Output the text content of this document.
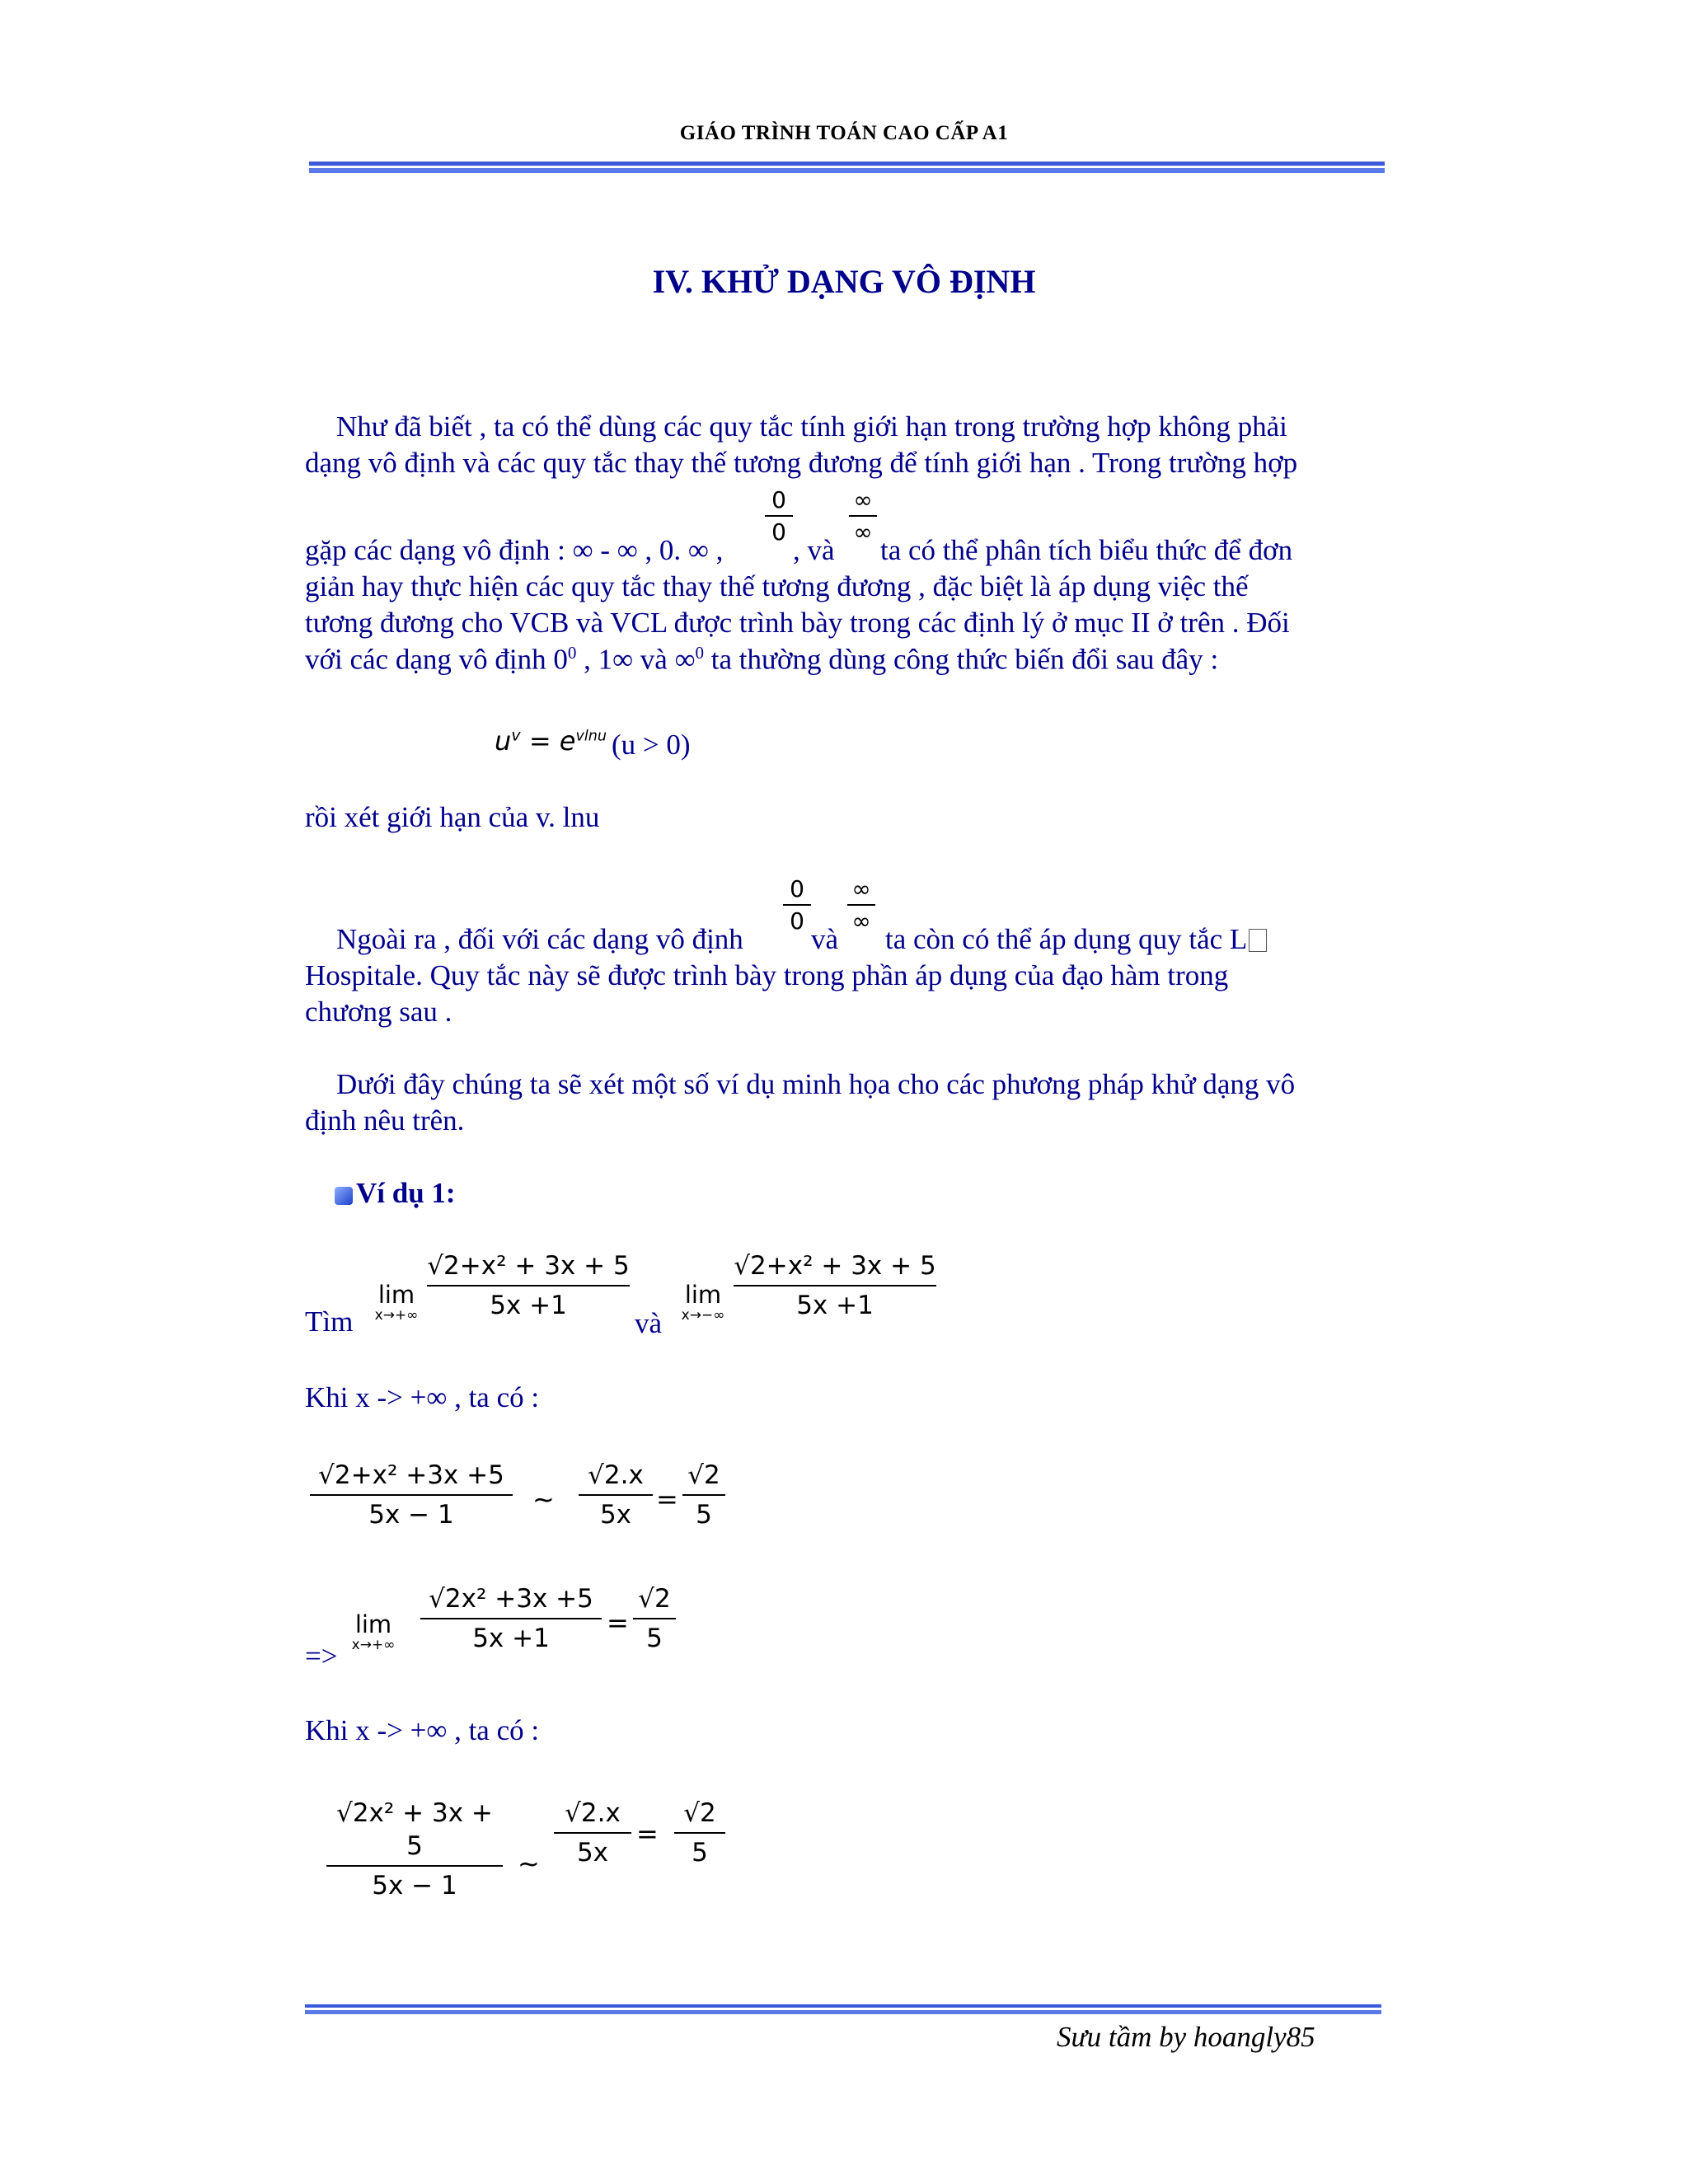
GIÁO TRÌNH TOÁN CAO CẤP A1
IV. KHỬ DẠNG VÔ ĐỊNH
Như đã biết , ta có thể dùng các quy tắc tính giới hạn trong trường hợp không phải
dạng vô định và các quy tắc thay thế tương đương để tính giới hạn . Trong trường hợp
0
0
∞
∞
gặp các dạng vô định : ∞ - ∞ , 0. ∞ , , và ta có thể phân tích biểu thức để đơn
giản hay thực hiện các quy tắc thay thế tương đương , đặc biệt là áp dụng việc thế
tương đương cho VCB và VCL được trình bày trong các định lý ở mục II ở trên . Đối
với các dạng vô định $0^0$ , 1∞ và ∞$^0$ ta thường dùng công thức biến đổi sau đây :
$u^v = e^{vlnu}$ (u > 0)
rồi xét giới hạn của v. lnu
0
0
∞
∞
Ngoài ra , đối với các dạng vô định và ta còn có thể áp dụng quy tắc L
Hospitale. Quy tắc này sẽ được trình bày trong phần áp dụng của đạo hàm trong
chương sau .
Dưới đây chúng ta sẽ xét một số ví dụ minh họa cho các phương pháp khử dạng vô
định nêu trên.
Ví dụ 1:
Tìm
lim
x→+∞
√2+x² + 3x + 5
5x +1
và
lim
x→−∞
√2+x² + 3x + 5
5x +1
Khi x -> +∞ , ta có :
√2+x² +3x +5
5x − 1	~
√2.x
5x =
√2
5
=>
lim
x→+∞
√2x² +3x +5
5x +1	=
√2
5
Khi x -> +∞ , ta có :
√2x² + 3x + 5
5x − 1
~
√2.x
5x
=
√2
5
Sưu tầm by hoangly85
